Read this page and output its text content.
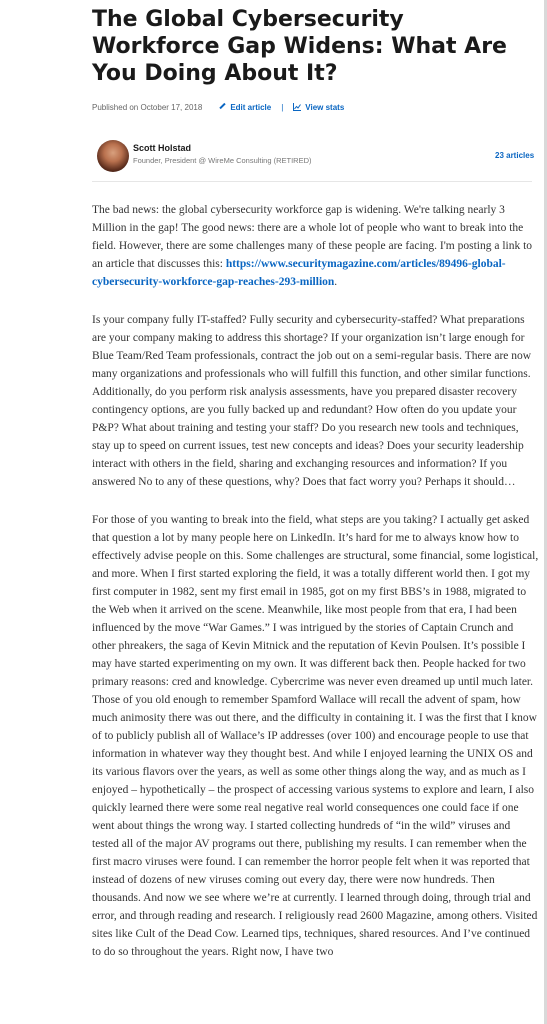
The Global Cybersecurity Workforce Gap Widens: What Are You Doing About It?
Published on October 17, 2018	Edit article |	View stats
Scott Holstad
Founder, President @ WireMe Consulting (RETIRED)
23 articles

The bad news: the global cybersecurity workforce gap is widening. We're talking nearly 3 Million in the gap! The good news: there are a whole lot of people who want to break into the field. However, there are some challenges many of these people are facing. I'm posting a link to an article that discusses this: https://www.securitymagazine.com/articles/89496-global-cybersecurity-workforce-gap-reaches-293-million.

Is your company fully IT-staffed? Fully security and cybersecurity-staffed? What preparations are your company making to address this shortage? If your organization isn’t large enough for Blue Team/Red Team professionals, contract the job out on a semi-regular basis. There are now many organizations and professionals who will fulfill this function, and other similar functions. Additionally, do you perform risk analysis assessments, have you prepared disaster recovery contingency options, are you fully backed up and redundant? How often do you update your P&P? What about training and testing your staff? Do you research new tools and techniques, stay up to speed on current issues, test new concepts and ideas? Does your security leadership interact with others in the field, sharing and exchanging resources and information? If you answered No to any of these questions, why? Does that fact worry you? Perhaps it should…

For those of you wanting to break into the field, what steps are you taking? I actually get asked that question a lot by many people here on LinkedIn. It’s hard for me to always know how to effectively advise people on this. Some challenges are structural, some financial, some logistical, and more. When I first started exploring the field, it was a totally different world then. I got my first computer in 1982, sent my first email in 1985, got on my first BBS’s in 1988, migrated to the Web when it arrived on the scene. Meanwhile, like most people from that era, I had been influenced by the move “War Games.” I was intrigued by the stories of Captain Crunch and other phreakers, the saga of Kevin Mitnick and the reputation of Kevin Poulsen. It’s possible I may have started experimenting on my own. It was different back then. People hacked for two primary reasons: cred and knowledge. Cybercrime was never even dreamed up until much later. Those of you old enough to remember Spamford Wallace will recall the advent of spam, how much animosity there was out there, and the difficulty in containing it. I was the first that I know of to publicly publish all of Wallace’s IP addresses (over 100) and encourage people to use that information in whatever way they thought best. And while I enjoyed learning the UNIX OS and its various flavors over the years, as well as some other things along the way, and as much as I enjoyed – hypothetically – the prospect of accessing various systems to explore and learn, I also quickly learned there were some real negative real world consequences one could face if one went about things the wrong way. I started collecting hundreds of “in the wild” viruses and tested all of the major AV programs out there, publishing my results. I can remember when the first macro viruses were found. I can remember the horror people felt when it was reported that instead of dozens of new viruses coming out every day, there were now hundreds. Then thousands. And now we see where we’re at currently. I learned through doing, through trial and error, and through reading and research. I religiously read 2600 Magazine, among others. Visited sites like Cult of the Dead Cow. Learned tips, techniques, shared resources. And I’ve continued to do so throughout the years. Right now, I have two
